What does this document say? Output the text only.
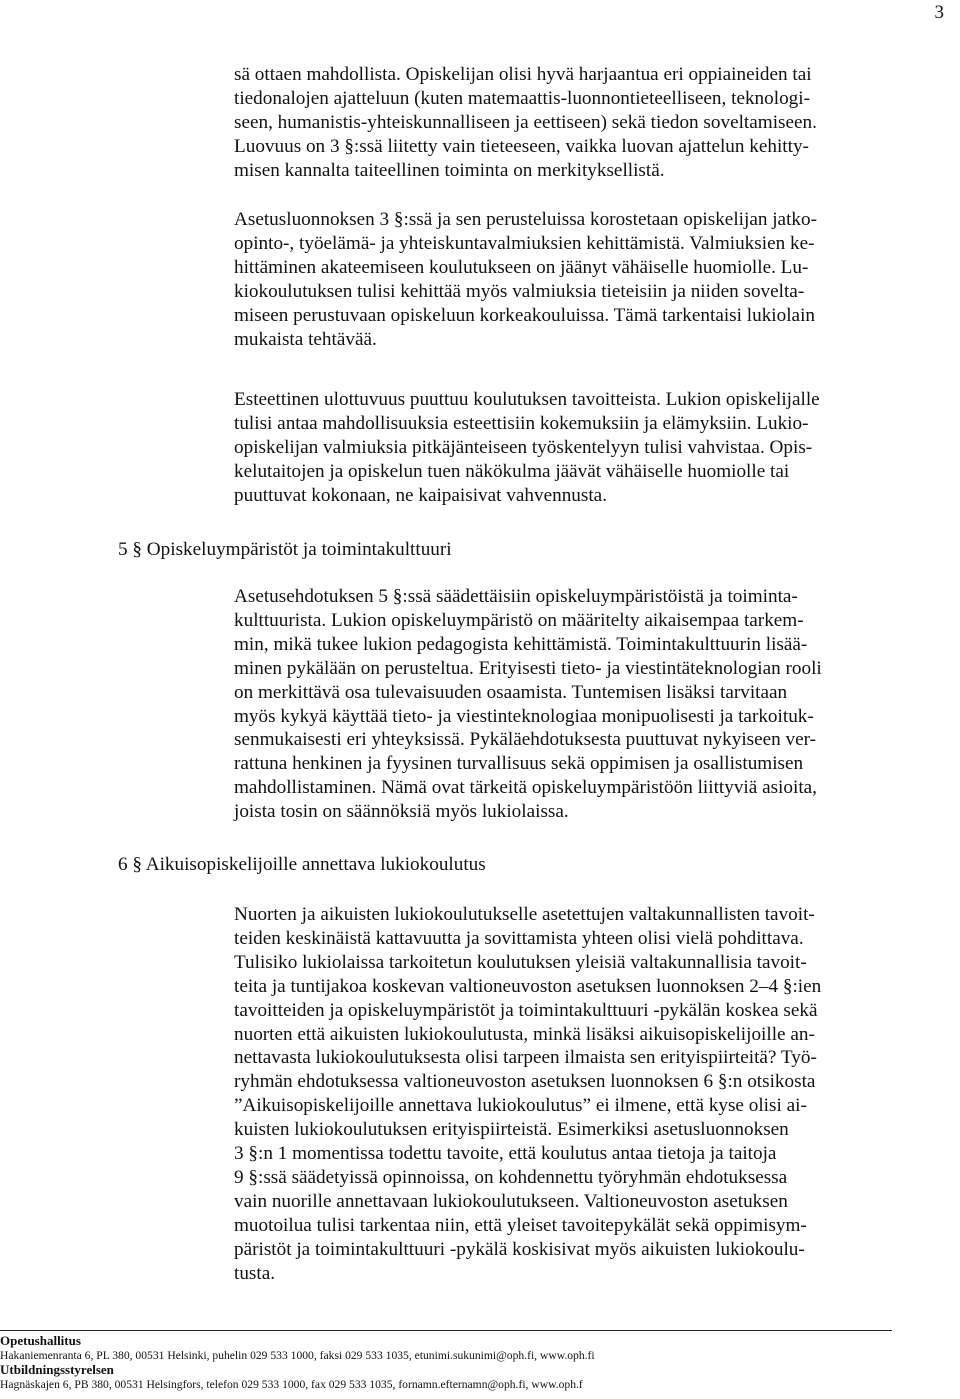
3
sä ottaen mahdollista. Opiskelijan olisi hyvä harjaantua eri oppiaineiden tai
tiedonalojen ajatteluun (kuten matemaattis-luonnontieteelliseen, teknologi-
seen, humanistis-yhteiskunnalliseen ja eettiseen) sekä tiedon soveltamiseen.
Luovuus on 3 §:ssä liitetty vain tieteeseen, vaikka luovan ajattelun kehitty-
misen kannalta taiteellinen toiminta on merkityksellistä.
Asetusluonnoksen 3 §:ssä ja sen perusteluissa korostetaan opiskelijan jatko-
opinto-, työelämä- ja yhteiskuntavalmiuksien kehittämistä. Valmiuksien ke-
hittäminen akateemiseen koulutukseen on jäänyt vähäiselle huomiolle. Lu-
kiokoulutuksen tulisi kehittää myös valmiuksia tieteisiin ja niiden sovelta-
miseen perustuvaan opiskeluun korkeakouluissa. Tämä tarkentaisi lukiolain
mukaista tehtävää.
Esteettinen ulottuvuus puuttuu koulutuksen tavoitteista. Lukion opiskelijalle
tulisi antaa mahdollisuuksia esteettisiin kokemuksiin ja elämyksiin. Lukio-
opiskelijan valmiuksia pitkäjänteiseen työskentelyyn tulisi vahvistaa. Opis-
kelutaitojen ja opiskelun tuen näkökulma jäävät vähäiselle huomiolle tai
puuttuvat kokonaan, ne kaipaisivat vahvennusta.
5 § Opiskeluympäristöt ja toimintakulttuuri
Asetusehdotuksen 5 §:ssä säädettäisiin opiskeluympäristöistä ja toiminta-
kulttuurista. Lukion opiskeluympäristö on määritelty aikaisempaa tarkem-
min, mikä tukee lukion pedagogista kehittämistä. Toimintakulttuurin lisää-
minen pykälään on perusteltua. Erityisesti tieto- ja viestintäteknologian rooli
on merkittävä osa tulevaisuuden osaamista. Tuntemisen lisäksi tarvitaan
myös kykyä käyttää tieto- ja viestinteknologiaa monipuolisesti ja tarkoituk-
senmukaisesti eri yhteyksissä. Pykäläehdotuksesta puuttuvat nykyiseen ver-
rattuna henkinen ja fyysinen turvallisuus sekä oppimisen ja osallistumisen
mahdollistaminen. Nämä ovat tärkeitä opiskeluympäristöön liittyviä asioita,
joista tosin on säännöksiä myös lukiolaissa.
6 § Aikuisopiskelijoille annettava lukiokoulutus
Nuorten ja aikuisten lukiokoulutukselle asetettujen valtakunnallisten tavoit-
teiden keskinäistä kattavuutta ja sovittamista yhteen olisi vielä pohdittava.
Tulisiko lukiolaissa tarkoitetun koulutuksen yleisiä valtakunnallisia tavoit-
teita ja tuntijakoa koskevan valtioneuvoston asetuksen luonnoksen 2–4 §:ien
tavoitteiden ja opiskeluympäristöt ja toimintakulttuuri -pykälän koskea sekä
nuorten että aikuisten lukiokoulutusta, minkä lisäksi aikuisopiskelijoille an-
nettavasta lukiokoulutuksesta olisi tarpeen ilmaista sen erityispiirteitä? Työ-
ryhmän ehdotuksessa valtioneuvoston asetuksen luonnoksen 6 §:n otsikosta
”Aikuisopiskelijoille annettava lukiokoulutus” ei ilmene, että kyse olisi ai-
kuisten lukiokoulutuksen erityispiirteistä. Esimerkiksi asetusluonnoksen
3 §:n 1 momentissa todettu tavoite, että koulutus antaa tietoja ja taitoja
9 §:ssä säädetyissä opinnoissa, on kohdennettu työryhmän ehdotuksessa
vain nuorille annettavaan lukiokoulutukseen. Valtioneuvoston asetuksen
muotoilua tulisi tarkentaa niin, että yleiset tavoitepykälät sekä oppimisym-
päristöt ja toimintakulttuuri -pykälä koskisivat myös aikuisten lukiokoulu-
tusta.
Opetushallitus
Hakaniemenranta 6, PL 380, 00531 Helsinki, puhelin 029 533 1000, faksi 029 533 1035, etunimi.sukunimi@oph.fi, www.oph.fi
Utbildningsstyrelsen
Hagnäskajen 6, PB 380, 00531 Helsingfors, telefon 029 533 1000, fax 029 533 1035, fornamn.efternamn@oph.fi, www.oph.f
